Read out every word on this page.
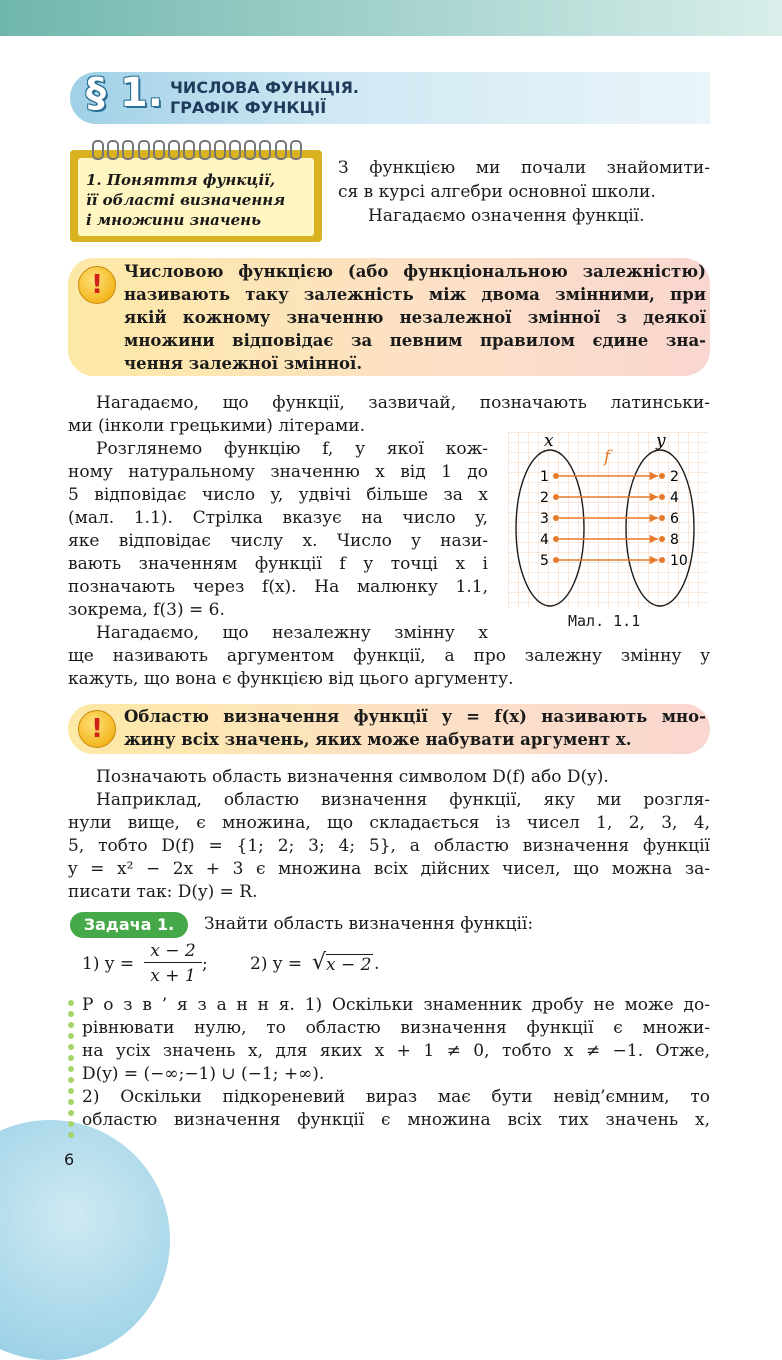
§ 1. ЧИСЛОВА ФУНКЦІЯ.
ГРАФІК ФУНКЦІЇ
1. Поняття функції,
її області визначення
і множини значень
З функцією ми почали знайомити-
ся в курсі алгебри основної школи.
Нагадаємо означення функції.
!	Числовою функцією (або функціональною залежністю)
називають таку залежність між двома змінними, при
якій кожному значенню незалежної змінної з деякої
множини відповідає за певним правилом єдине зна-
чення залежної змінної.
Нагадаємо, що функції, зазвичай, позначають латинськи-
ми (інколи грецькими) літерами.
Розглянемо функцію f, у якої кож-
ному натуральному значенню x від 1 до
5 відповідає число y, удвічі більше за x
(мал. 1.1). Стрілка вказує на число y,
яке відповідає числу x. Число y нази-
вають значенням функції f у точці x і
позначають через f(x). На малюнку 1.1,
зокрема, f(3) = 6.
x	y
f
1	2
2	4
3	6
4	8
5	10
Мал. 1.1
Нагадаємо, що незалежну змінну x
ще називають аргументом функції, а про залежну змінну y
кажуть, що вона є функцією від цього аргументу.
!	Областю визначення функції y = f(x) називають мно-
жину всіх значень, яких може набувати аргумент x.
Позначають область визначення символом D(f) або D(y).
Наприклад, областю визначення функції, яку ми розгля-
нули вище, є множина, що складається із чисел 1, 2, 3, 4,
5, тобто D(f) = {1; 2; 3; 4; 5}, а областю визначення функції
y = x² − 2x + 3 є множина всіх дійсних чисел, що можна за-
писати так: D(y) = R.
Задача 1.	Знайти область визначення функції:
1) y =
x − 2
x + 1
; 2) y = √ x − 2 .
Р о з в ’ я з а н н я. 1) Оскільки знаменник дробу не може до-
рівнювати нулю, то областю визначення функції є множи-
на усіх значень x, для яких x + 1 ≠ 0, тобто x ≠ −1. Отже,
D(y) = (−∞;−1) ∪ (−1; +∞).
2) Оскільки підкореневий вираз має бути невід’ємним, то
областю визначення функції є множина всіх тих значень x,
6
